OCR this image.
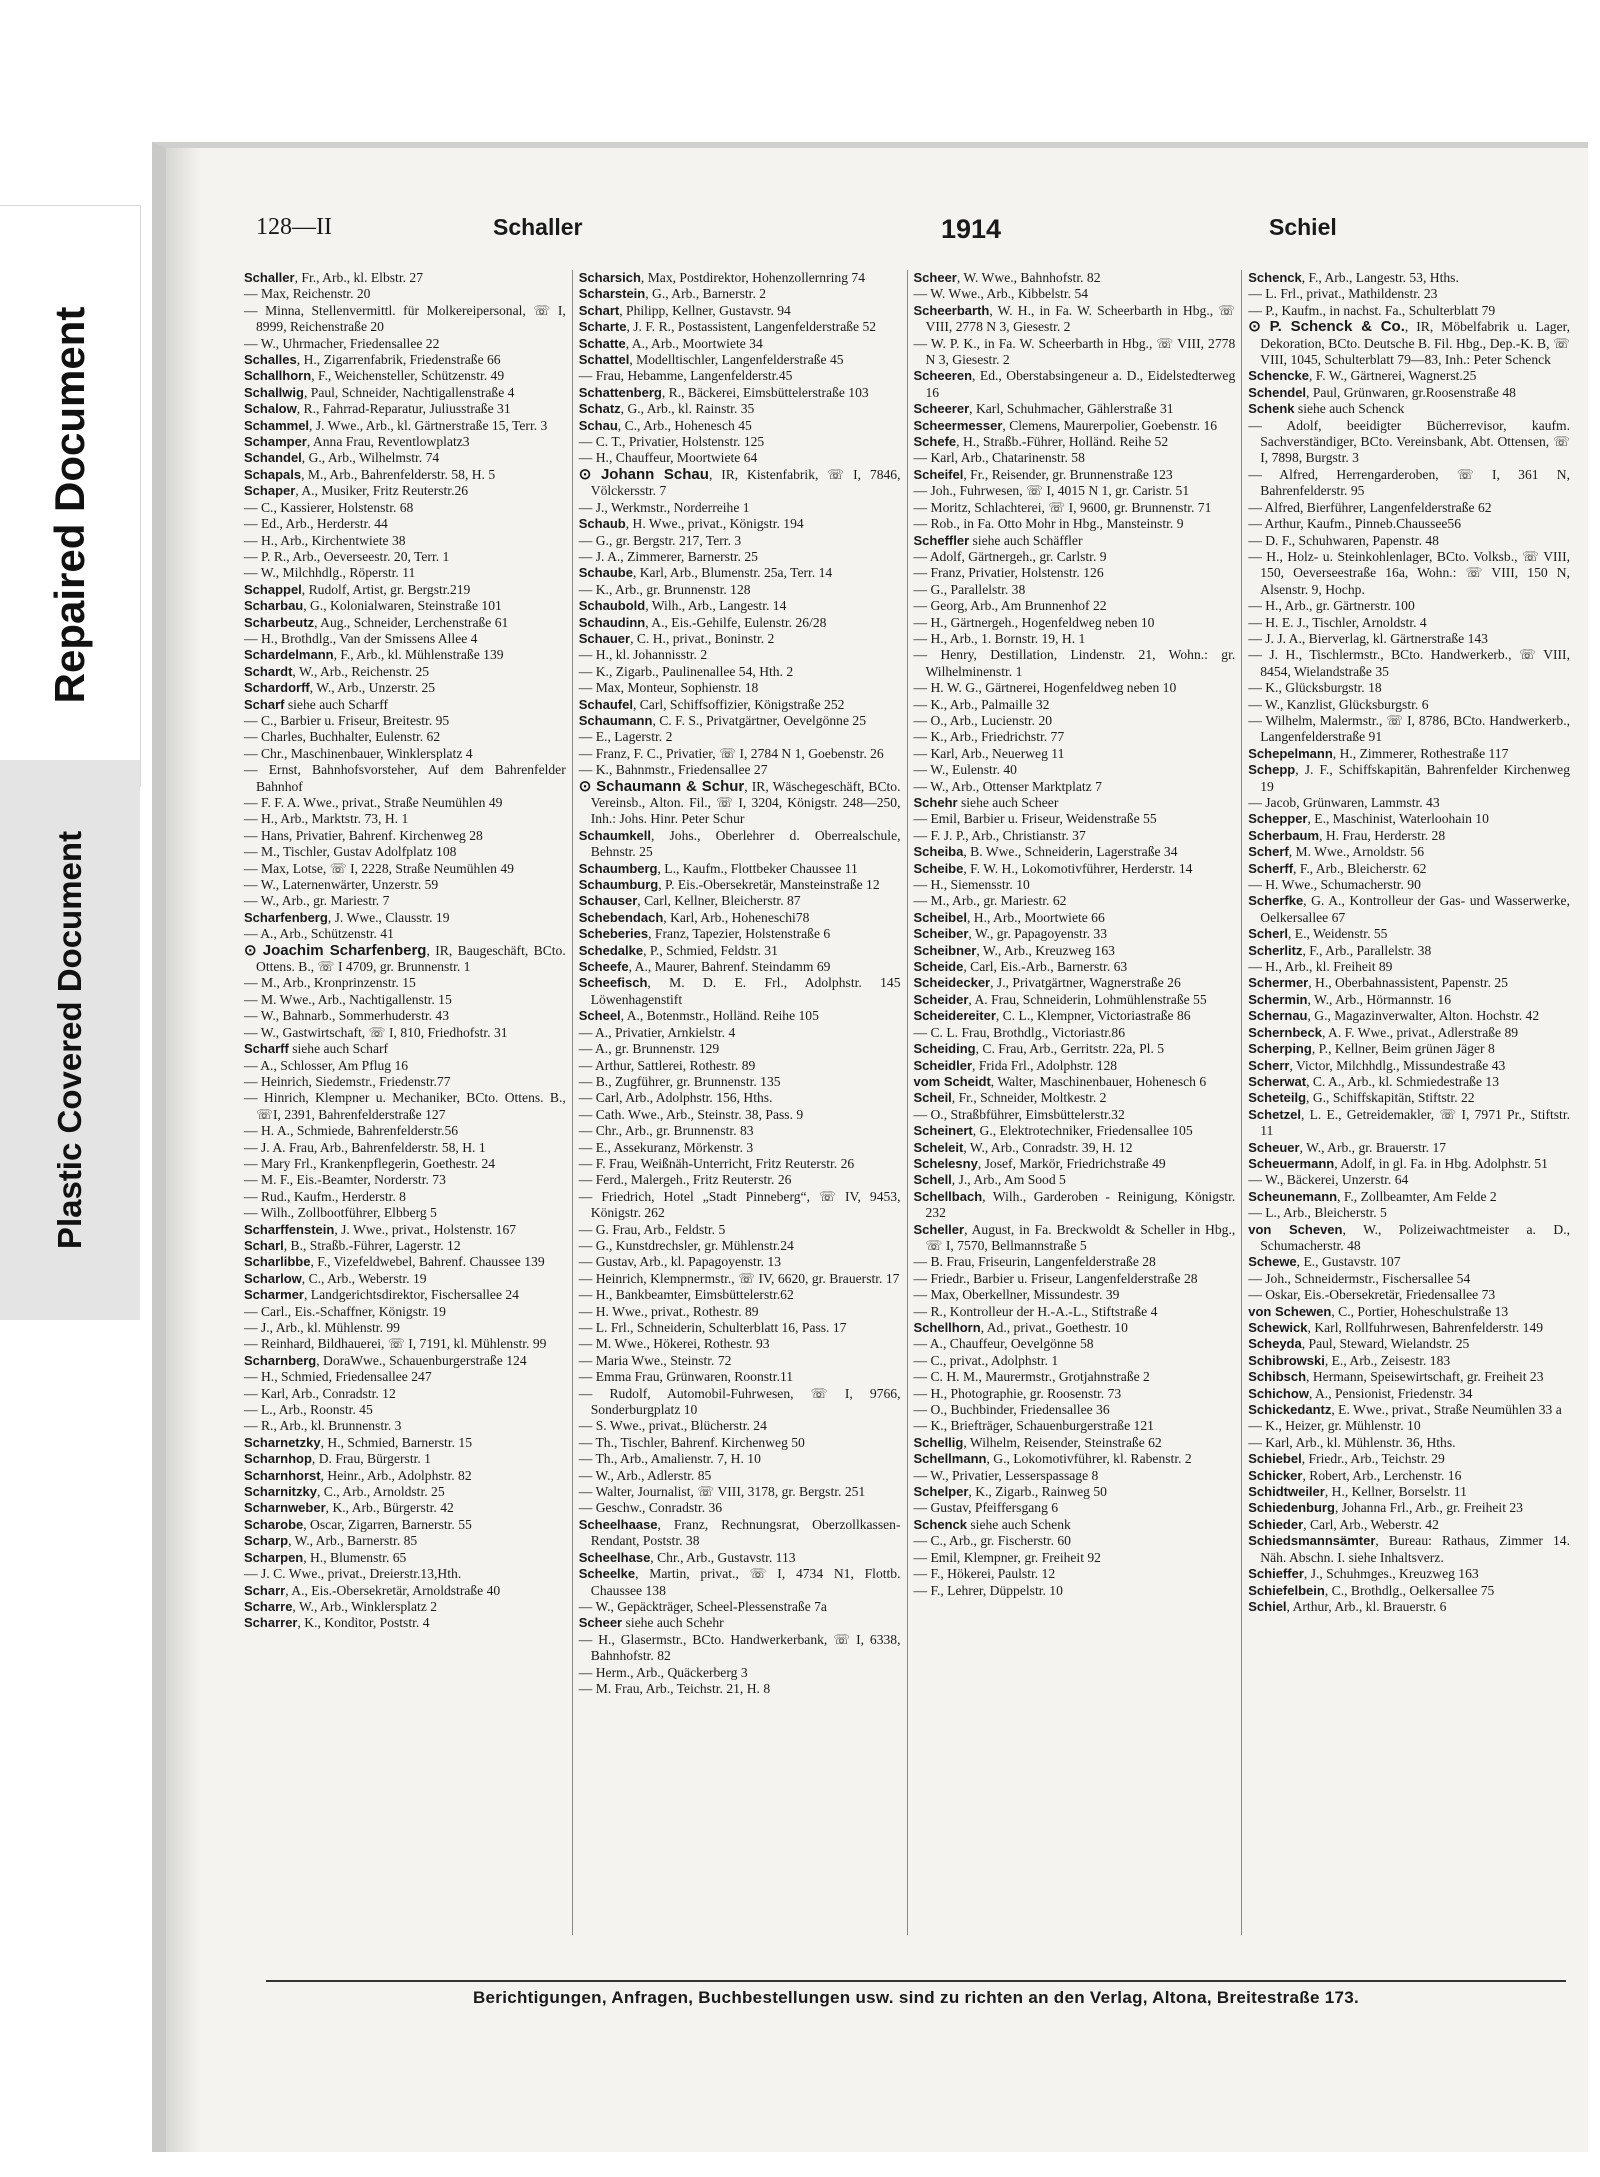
Repaired Document
Plastic Covered Document
128—II	Schaller	1914	Schiel

Schaller, Fr., Arb., kl. Elbstr. 27

— Max, Reichenstr. 20

— Minna, Stellenvermittl. für Molkereipersonal, ☏ I, 8999, Reichenstraße 20

— W., Uhrmacher, Friedensallee 22

Schalles, H., Zigarrenfabrik, Friedenstraße 66

Schallhorn, F., Weichensteller, Schützenstr. 49

Schallwig, Paul, Schneider, Nachtigallenstraße 4

Schalow, R., Fahrrad-Reparatur, Juliusstraße 31

Schammel, J. Wwe., Arb., kl. Gärtnerstraße 15, Terr. 3

Schamper, Anna Frau, Reventlowplatz3

Schandel, G., Arb., Wilhelmstr. 74

Schapals, M., Arb., Bahrenfelderstr. 58, H. 5

Schaper, A., Musiker, Fritz Reuterstr.26

— C., Kassierer, Holstenstr. 68

— Ed., Arb., Herderstr. 44

— H., Arb., Kirchentwiete 38

— P. R., Arb., Oeverseestr. 20, Terr. 1

— W., Milchhdlg., Röperstr. 11

Schappel, Rudolf, Artist, gr. Bergstr.219

Scharbau, G., Kolonialwaren, Steinstraße 101

Scharbeutz, Aug., Schneider, Lerchenstraße 61

— H., Brothdlg., Van der Smissens Allee 4

Schardelmann, F., Arb., kl. Mühlenstraße 139

Schardt, W., Arb., Reichenstr. 25

Schardorff, W., Arb., Unzerstr. 25

Scharf siehe auch Scharff

— C., Barbier u. Friseur, Breitestr. 95

— Charles, Buchhalter, Eulenstr. 62

— Chr., Maschinenbauer, Winklersplatz 4

— Ernst, Bahnhofsvorsteher, Auf dem Bahrenfelder Bahnhof

— F. F. A. Wwe., privat., Straße Neumühlen 49

— H., Arb., Marktstr. 73, H. 1

— Hans, Privatier, Bahrenf. Kirchenweg 28

— M., Tischler, Gustav Adolfplatz 108

— Max, Lotse, ☏ I, 2228, Straße Neumühlen 49

— W., Laternenwärter, Unzerstr. 59

— W., Arb., gr. Mariestr. 7

Scharfenberg, J. Wwe., Clausstr. 19

— A., Arb., Schützenstr. 41

⊙ Joachim Scharfenberg, IR, Baugeschäft, BCto. Ottens. B., ☏ I 4709, gr. Brunnenstr. 1

— M., Arb., Kronprinzenstr. 15

— M. Wwe., Arb., Nachtigallenstr. 15

— W., Bahnarb., Sommerhuderstr. 43

— W., Gastwirtschaft, ☏ I, 810, Friedhofstr. 31

Scharff siehe auch Scharf

— A., Schlosser, Am Pflug 16

— Heinrich, Siedemstr., Friedenstr.77

— Hinrich, Klempner u. Mechaniker, BCto. Ottens. B., ☏I, 2391, Bahrenfelderstraße 127

— H. A., Schmiede, Bahrenfelderstr.56

— J. A. Frau, Arb., Bahrenfelderstr. 58, H. 1

— Mary Frl., Krankenpflegerin, Goethestr. 24

— M. F., Eis.-Beamter, Norderstr. 73

— Rud., Kaufm., Herderstr. 8

— Wilh., Zollbootführer, Elbberg 5

Scharffenstein, J. Wwe., privat., Holstenstr. 167

Scharl, B., Straßb.-Führer, Lagerstr. 12

Scharlibbe, F., Vizefeldwebel, Bahrenf. Chaussee 139

Scharlow, C., Arb., Weberstr. 19

Scharmer, Landgerichtsdirektor, Fischersallee 24

— Carl., Eis.-Schaffner, Königstr. 19

— J., Arb., kl. Mühlenstr. 99

— Reinhard, Bildhauerei, ☏ I, 7191, kl. Mühlenstr. 99

Scharnberg, DoraWwe., Schauenburgerstraße 124

— H., Schmied, Friedensallee 247

— Karl, Arb., Conradstr. 12

— L., Arb., Roonstr. 45

— R., Arb., kl. Brunnenstr. 3

Scharnetzky, H., Schmied, Barnerstr. 15

Scharnhop, D. Frau, Bürgerstr. 1

Scharnhorst, Heinr., Arb., Adolphstr. 82

Scharnitzky, C., Arb., Arnoldstr. 25

Scharnweber, K., Arb., Bürgerstr. 42

Scharobe, Oscar, Zigarren, Barnerstr. 55

Scharp, W., Arb., Barnerstr. 85

Scharpen, H., Blumenstr. 65

— J. C. Wwe., privat., Dreierstr.13,Hth.

Scharr, A., Eis.-Obersekretär, Arnoldstraße 40

Scharre, W., Arb., Winklersplatz 2

Scharrer, K., Konditor, Poststr. 4

Scharsich, Max, Postdirektor, Hohenzollernring 74

Scharstein, G., Arb., Barnerstr. 2

Schart, Philipp, Kellner, Gustavstr. 94

Scharte, J. F. R., Postassistent, Langenfelderstraße 52

Schatte, A., Arb., Moortwiete 34

Schattel, Modelltischler, Langenfelderstraße 45

— Frau, Hebamme, Langenfelderstr.45

Schattenberg, R., Bäckerei, Eimsbüttelerstraße 103

Schatz, G., Arb., kl. Rainstr. 35

Schau, C., Arb., Hohenesch 45

— C. T., Privatier, Holstenstr. 125

— H., Chauffeur, Moortwiete 64

⊙ Johann Schau, IR, Kistenfabrik, ☏ I, 7846, Völckersstr. 7

— J., Werkmstr., Norderreihe 1

Schaub, H. Wwe., privat., Königstr. 194

— G., gr. Bergstr. 217, Terr. 3

— J. A., Zimmerer, Barnerstr. 25

Schaube, Karl, Arb., Blumenstr. 25a, Terr. 14

— K., Arb., gr. Brunnenstr. 128

Schaubold, Wilh., Arb., Langestr. 14

Schaudinn, A., Eis.-Gehilfe, Eulenstr. 26/28

Schauer, C. H., privat., Boninstr. 2

— H., kl. Johannisstr. 2

— K., Zigarb., Paulinenallee 54, Hth. 2

— Max, Monteur, Sophienstr. 18

Schaufel, Carl, Schiffsoffizier, Königstraße 252

Schaumann, C. F. S., Privatgärtner, Oevelgönne 25

— E., Lagerstr. 2

— Franz, F. C., Privatier, ☏ I, 2784 N 1, Goebenstr. 26

— K., Bahnmstr., Friedensallee 27

⊙ Schaumann & Schur, IR, Wäschegeschäft, BCto. Vereinsb., Alton. Fil., ☏ I, 3204, Königstr. 248—250, Inh.: Johs. Hinr. Peter Schur

Schaumkell, Johs., Oberlehrer d. Oberrealschule, Behnstr. 25

Schaumberg, L., Kaufm., Flottbeker Chaussee 11

Schaumburg, P. Eis.-Obersekretär, Mansteinstraße 12

Schauser, Carl, Kellner, Bleicherstr. 87

Schebendach, Karl, Arb., Hoheneschi78

Scheberies, Franz, Tapezier, Holstenstraße 6

Schedalke, P., Schmied, Feldstr. 31

Scheefe, A., Maurer, Bahrenf. Steindamm 69

Scheefisch, M. D. E. Frl., Adolphstr. 145 Löwenhagenstift

Scheel, A., Botenmstr., Holländ. Reihe 105

— A., Privatier, Arnkielstr. 4

— A., gr. Brunnenstr. 129

— Arthur, Sattlerei, Rothestr. 89

— B., Zugführer, gr. Brunnenstr. 135

— Carl, Arb., Adolphstr. 156, Hths.

— Cath. Wwe., Arb., Steinstr. 38, Pass. 9

— Chr., Arb., gr. Brunnenstr. 83

— E., Assekuranz, Mörkenstr. 3

— F. Frau, Weißnäh-Unterricht, Fritz Reuterstr. 26

— Ferd., Malergeh., Fritz Reuterstr. 26

— Friedrich, Hotel „Stadt Pinneberg“, ☏ IV, 9453, Königstr. 262

— G. Frau, Arb., Feldstr. 5

— G., Kunstdrechsler, gr. Mühlenstr.24

— Gustav, Arb., kl. Papagoyenstr. 13

— Heinrich, Klempnermstr., ☏ IV, 6620, gr. Brauerstr. 17

— H., Bankbeamter, Eimsbüttelerstr.62

— H. Wwe., privat., Rothestr. 89

— L. Frl., Schneiderin, Schulterblatt 16, Pass. 17

— M. Wwe., Hökerei, Rothestr. 93

— Maria Wwe., Steinstr. 72

— Emma Frau, Grünwaren, Roonstr.11

— Rudolf, Automobil-Fuhrwesen, ☏ I, 9766, Sonderburgplatz 10

— S. Wwe., privat., Blücherstr. 24

— Th., Tischler, Bahrenf. Kirchenweg 50

— Th., Arb., Amalienstr. 7, H. 10

— W., Arb., Adlerstr. 85

— Walter, Journalist, ☏ VIII, 3178, gr. Bergstr. 251

— Geschw., Conradstr. 36

Scheelhaase, Franz, Rechnungsrat, Oberzollkassen-Rendant, Poststr. 38

Scheelhase, Chr., Arb., Gustavstr. 113

Scheelke, Martin, privat., ☏ I, 4734 N1, Flottb. Chaussee 138

— W., Gepäckträger, Scheel-Plessenstraße 7a

Scheer siehe auch Schehr

— H., Glasermstr., BCto. Handwerkerbank, ☏ I, 6338, Bahnhofstr. 82

— Herm., Arb., Quäckerberg 3

— M. Frau, Arb., Teichstr. 21, H. 8

Scheer, W. Wwe., Bahnhofstr. 82

— W. Wwe., Arb., Kibbelstr. 54

Scheerbarth, W. H., in Fa. W. Scheerbarth in Hbg., ☏ VIII, 2778 N 3, Giesestr. 2

— W. P. K., in Fa. W. Scheerbarth in Hbg., ☏ VIII, 2778 N 3, Giesestr. 2

Scheeren, Ed., Oberstabsingeneur a. D., Eidelstedterweg 16

Scheerer, Karl, Schuhmacher, Gählerstraße 31

Scheermesser, Clemens, Maurerpolier, Goebenstr. 16

Schefe, H., Straßb.-Führer, Holländ. Reihe 52

— Karl, Arb., Chatarinenstr. 58

Scheifel, Fr., Reisender, gr. Brunnenstraße 123

— Joh., Fuhrwesen, ☏ I, 4015 N 1, gr. Caristr. 51

— Moritz, Schlachterei, ☏ I, 9600, gr. Brunnenstr. 71

— Rob., in Fa. Otto Mohr in Hbg., Mansteinstr. 9

Scheffler siehe auch Schäffler

— Adolf, Gärtnergeh., gr. Carlstr. 9

— Franz, Privatier, Holstenstr. 126

— G., Parallelstr. 38

— Georg, Arb., Am Brunnenhof 22

— H., Gärtnergeh., Hogenfeldweg neben 10

— H., Arb., 1. Bornstr. 19, H. 1

— Henry, Destillation, Lindenstr. 21, Wohn.: gr. Wilhelminenstr. 1

— H. W. G., Gärtnerei, Hogenfeldweg neben 10

— K., Arb., Palmaille 32

— O., Arb., Lucienstr. 20

— K., Arb., Friedrichstr. 77

— Karl, Arb., Neuerweg 11

— W., Eulenstr. 40

— W., Arb., Ottenser Marktplatz 7

Schehr siehe auch Scheer

— Emil, Barbier u. Friseur, Weidenstraße 55

— F. J. P., Arb., Christianstr. 37

Scheiba, B. Wwe., Schneiderin, Lagerstraße 34

Scheibe, F. W. H., Lokomotivführer, Herderstr. 14

— H., Siemensstr. 10

— M., Arb., gr. Mariestr. 62

Scheibel, H., Arb., Moortwiete 66

Scheiber, W., gr. Papagoyenstr. 33

Scheibner, W., Arb., Kreuzweg 163

Scheide, Carl, Eis.-Arb., Barnerstr. 63

Scheidecker, J., Privatgärtner, Wagnerstraße 26

Scheider, A. Frau, Schneiderin, Lohmühlenstraße 55

Scheidereiter, C. L., Klempner, Victoriastraße 86

— C. L. Frau, Brothdlg., Victoriastr.86

Scheiding, C. Frau, Arb., Gerritstr. 22a, Pl. 5

Scheidler, Frida Frl., Adolphstr. 128

vom Scheidt, Walter, Maschinenbauer, Hohenesch 6

Scheil, Fr., Schneider, Moltkestr. 2

— O., Straßbführer, Eimsbüttelerstr.32

Scheinert, G., Elektrotechniker, Friedensallee 105

Scheleit, W., Arb., Conradstr. 39, H. 12

Schelesny, Josef, Markör, Friedrichstraße 49

Schell, J., Arb., Am Sood 5

Schellbach, Wilh., Garderoben - Reinigung, Königstr. 232

Scheller, August, in Fa. Breckwoldt & Scheller in Hbg., ☏ I, 7570, Bellmannstraße 5

— B. Frau, Friseurin, Langenfelderstraße 28

— Friedr., Barbier u. Friseur, Langenfelderstraße 28

— Max, Oberkellner, Missundestr. 39

— R., Kontrolleur der H.-A.-L., Stiftstraße 4

Schellhorn, Ad., privat., Goethestr. 10

— A., Chauffeur, Oevelgönne 58

— C., privat., Adolphstr. 1

— C. H. M., Maurermstr., Grotjahnstraße 2

— H., Photographie, gr. Roosenstr. 73

— O., Buchbinder, Friedensallee 36

— K., Briefträger, Schauenburgerstraße 121

Schellig, Wilhelm, Reisender, Steinstraße 62

Schellmann, G., Lokomotivführer, kl. Rabenstr. 2

— W., Privatier, Lesserspassage 8

Schelper, K., Zigarb., Rainweg 50

— Gustav, Pfeiffersgang 6

Schenck siehe auch Schenk

— C., Arb., gr. Fischerstr. 60

— Emil, Klempner, gr. Freiheit 92

— F., Hökerei, Paulstr. 12

— F., Lehrer, Düppelstr. 10

Schenck, F., Arb., Langestr. 53, Hths.

— L. Frl., privat., Mathildenstr. 23

— P., Kaufm., in nachst. Fa., Schulterblatt 79

⊙ P. Schenck & Co., IR, Möbelfabrik u. Lager, Dekoration, BCto. Deutsche B. Fil. Hbg., Dep.-K. B, ☏ VIII, 1045, Schulterblatt 79—83, Inh.: Peter Schenck

Schencke, F. W., Gärtnerei, Wagnerst.25

Schendel, Paul, Grünwaren, gr.Roosenstraße 48

Schenk siehe auch Schenck

— Adolf, beeidigter Bücherrevisor, kaufm. Sachverständiger, BCto. Vereinsbank, Abt. Ottensen, ☏ I, 7898, Burgstr. 3

— Alfred, Herrengarderoben, ☏ I, 361 N, Bahrenfelderstr. 95

— Alfred, Bierführer, Langenfelderstraße 62

— Arthur, Kaufm., Pinneb.Chaussee56

— D. F., Schuhwaren, Papenstr. 48

— H., Holz- u. Steinkohlenlager, BCto. Volksb., ☏ VIII, 150, Oeverseestraße 16a, Wohn.: ☏ VIII, 150 N, Alsenstr. 9, Hochp.

— H., Arb., gr. Gärtnerstr. 100

— H. E. J., Tischler, Arnoldstr. 4

— J. J. A., Bierverlag, kl. Gärtnerstraße 143

— J. H., Tischlermstr., BCto. Handwerkerb., ☏ VIII, 8454, Wielandstraße 35

— K., Glücksburgstr. 18

— W., Kanzlist, Glücksburgstr. 6

— Wilhelm, Malermstr., ☏ I, 8786, BCto. Handwerkerb., Langenfelderstraße 91

Schepelmann, H., Zimmerer, Rothestraße 117

Schepp, J. F., Schiffskapitän, Bahrenfelder Kirchenweg 19

— Jacob, Grünwaren, Lammstr. 43

Schepper, E., Maschinist, Waterloohain 10

Scherbaum, H. Frau, Herderstr. 28

Scherf, M. Wwe., Arnoldstr. 56

Scherff, F., Arb., Bleicherstr. 62

— H. Wwe., Schumacherstr. 90

Scherfke, G. A., Kontrolleur der Gas- und Wasserwerke, Oelkersallee 67

Scherl, E., Weidenstr. 55

Scherlitz, F., Arb., Parallelstr. 38

— H., Arb., kl. Freiheit 89

Schermer, H., Oberbahnassistent, Papenstr. 25

Schermin, W., Arb., Hörmannstr. 16

Schernau, G., Magazinverwalter, Alton. Hochstr. 42

Schernbeck, A. F. Wwe., privat., Adlerstraße 89

Scherping, P., Kellner, Beim grünen Jäger 8

Scherr, Victor, Milchhdlg., Missundestraße 43

Scherwat, C. A., Arb., kl. Schmiedestraße 13

Scheteilg, G., Schiffskapitän, Stiftstr. 22

Schetzel, L. E., Getreidemakler, ☏ I, 7971 Pr., Stiftstr. 11

Scheuer, W., Arb., gr. Brauerstr. 17

Scheuermann, Adolf, in gl. Fa. in Hbg. Adolphstr. 51

— W., Bäckerei, Unzerstr. 64

Scheunemann, F., Zollbeamter, Am Felde 2

— L., Arb., Bleicherstr. 5

von Scheven, W., Polizeiwachtmeister a. D., Schumacherstr. 48

Schewe, E., Gustavstr. 107

— Joh., Schneidermstr., Fischersallee 54

— Oskar, Eis.-Obersekretär, Friedensallee 73

von Schewen, C., Portier, Hoheschulstraße 13

Schewick, Karl, Rollfuhrwesen, Bahrenfelderstr. 149

Scheyda, Paul, Steward, Wielandstr. 25

Schibrowski, E., Arb., Zeisestr. 183

Schibsch, Hermann, Speisewirtschaft, gr. Freiheit 23

Schichow, A., Pensionist, Friedenstr. 34

Schickedantz, E. Wwe., privat., Straße Neumühlen 33 a

— K., Heizer, gr. Mühlenstr. 10

— Karl, Arb., kl. Mühlenstr. 36, Hths.

Schiebel, Friedr., Arb., Teichstr. 29

Schicker, Robert, Arb., Lerchenstr. 16

Schidtweiler, H., Kellner, Borselstr. 11

Schiedenburg, Johanna Frl., Arb., gr. Freiheit 23

Schieder, Carl, Arb., Weberstr. 42

Schiedsmannsämter, Bureau: Rathaus, Zimmer 14. Näh. Abschn. I. siehe Inhaltsverz.

Schieffer, J., Schuhmges., Kreuzweg 163

Schiefelbein, C., Brothdlg., Oelkersallee 75

Schiel, Arthur, Arb., kl. Brauerstr. 6

Berichtigungen, Anfragen, Buchbestellungen usw. sind zu richten an den Verlag, Altona, Breitestraße 173.
